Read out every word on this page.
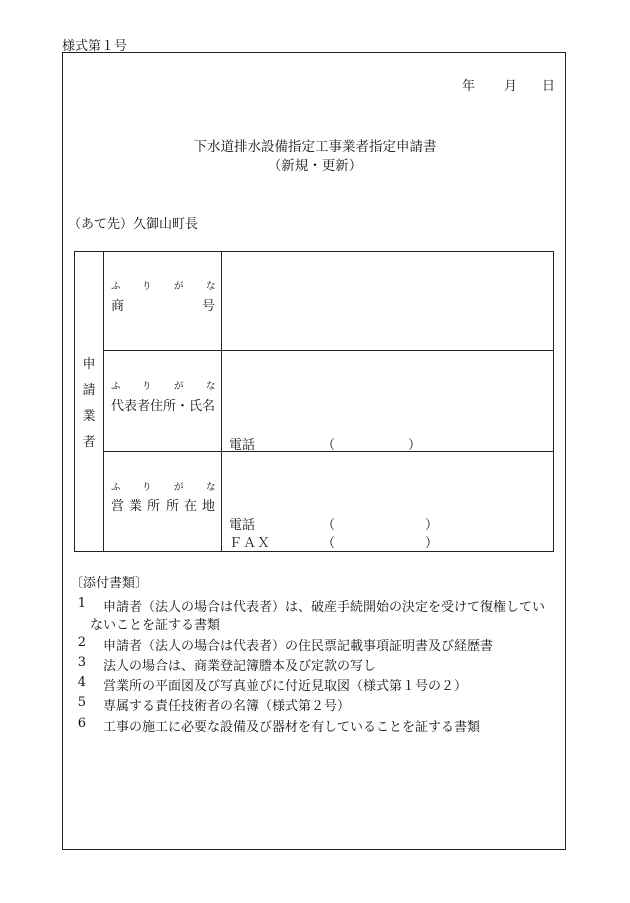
様式第１号
年 月 日
下水道排水設備指定工事業者指定申請書
（新規・更新）
（あて先）久御山町長
申
請
業
者
ふ り が な
商	号
ふ り が な
代表者住所・氏名
電話	（	）
ふ り が な
営 業 所 所 在 地
電話	（	）
ＦＡＸ	（	）
〔添付書類〕
1 申請者（法人の場合は代表者）は、破産手続開始の決定を受けて復権してい
ないことを証する書類
2 申請者（法人の場合は代表者）の住民票記載事項証明書及び経歴書
3 法人の場合は、商業登記簿謄本及び定款の写し
4 営業所の平面図及び写真並びに付近見取図（様式第１号の２）
5 専属する責任技術者の名簿（様式第２号）
6 工事の施工に必要な設備及び器材を有していることを証する書類
